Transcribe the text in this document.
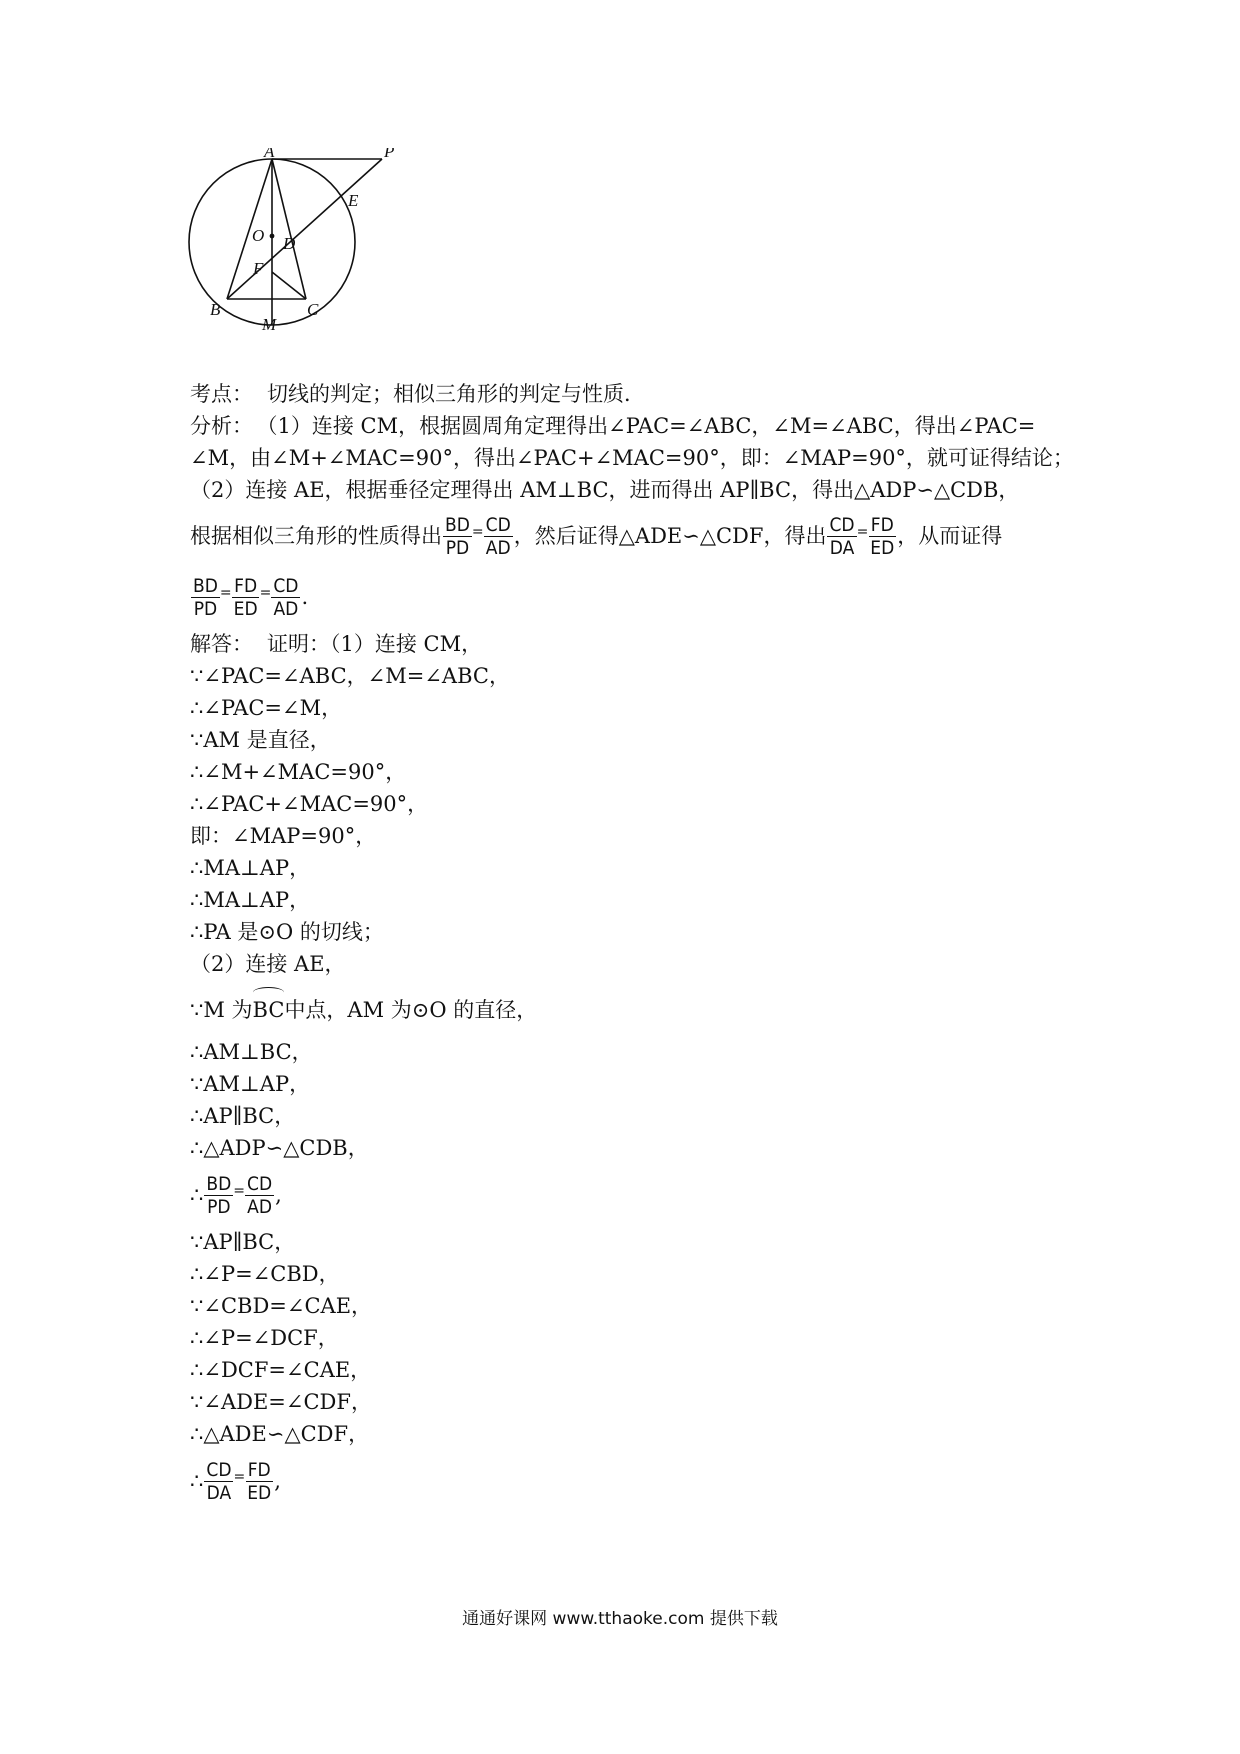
A	P
E
O D
F
B	C
M
考点： 切线的判定；相似三角形的判定与性质．
分析： （1）连接 CM，根据圆周角定理得出∠PAC=∠ABC，∠M=∠ABC，得出∠PAC=
∠M，由∠M+∠MAC=90°，得出∠PAC+∠MAC=90°，即：∠MAP=90°，就可证得结论；
（2）连接 AE，根据垂径定理得出 AM⊥BC，进而得出 AP∥BC，得出△ADP∽△CDB，
根据相似三角形的性质得出 $\frac{BD}{PD} = \frac{CD}{AD}$ ，然后证得△ADE∽△CDF，得出 $\frac{CD}{DA} = \frac{FD}{ED}$ ，从而证得
$\frac{BD}{PD} = \frac{FD}{ED} = \frac{CD}{AD}$ .
解答： 证明：（1）连接 CM，
∵∠PAC=∠ABC，∠M=∠ABC，
∴∠PAC=∠M，
∵AM 是直径，
∴∠M+∠MAC=90°，
∴∠PAC+∠MAC=90°，
即：∠MAP=90°，
∴MA⊥AP，
∴MA⊥AP，
∴PA 是⊙O 的切线；
（2）连接 AE，
∵M 为 BC 中点，AM 为⊙O 的直径，
∴AM⊥BC，
∵AM⊥AP，
∴AP∥BC，
∴△ADP∽△CDB，
∴ $\frac{BD}{PD} = \frac{CD}{AD}$ ,
∵AP∥BC，
∴∠P=∠CBD，
∵∠CBD=∠CAE，
∴∠P=∠DCF，
∴∠DCF=∠CAE，
∵∠ADE=∠CDF，
∴△ADE∽△CDF，
∴ $\frac{CD}{DA} = \frac{FD}{ED}$ ,
通通好课网 www.tthaoke.com 提供下载
